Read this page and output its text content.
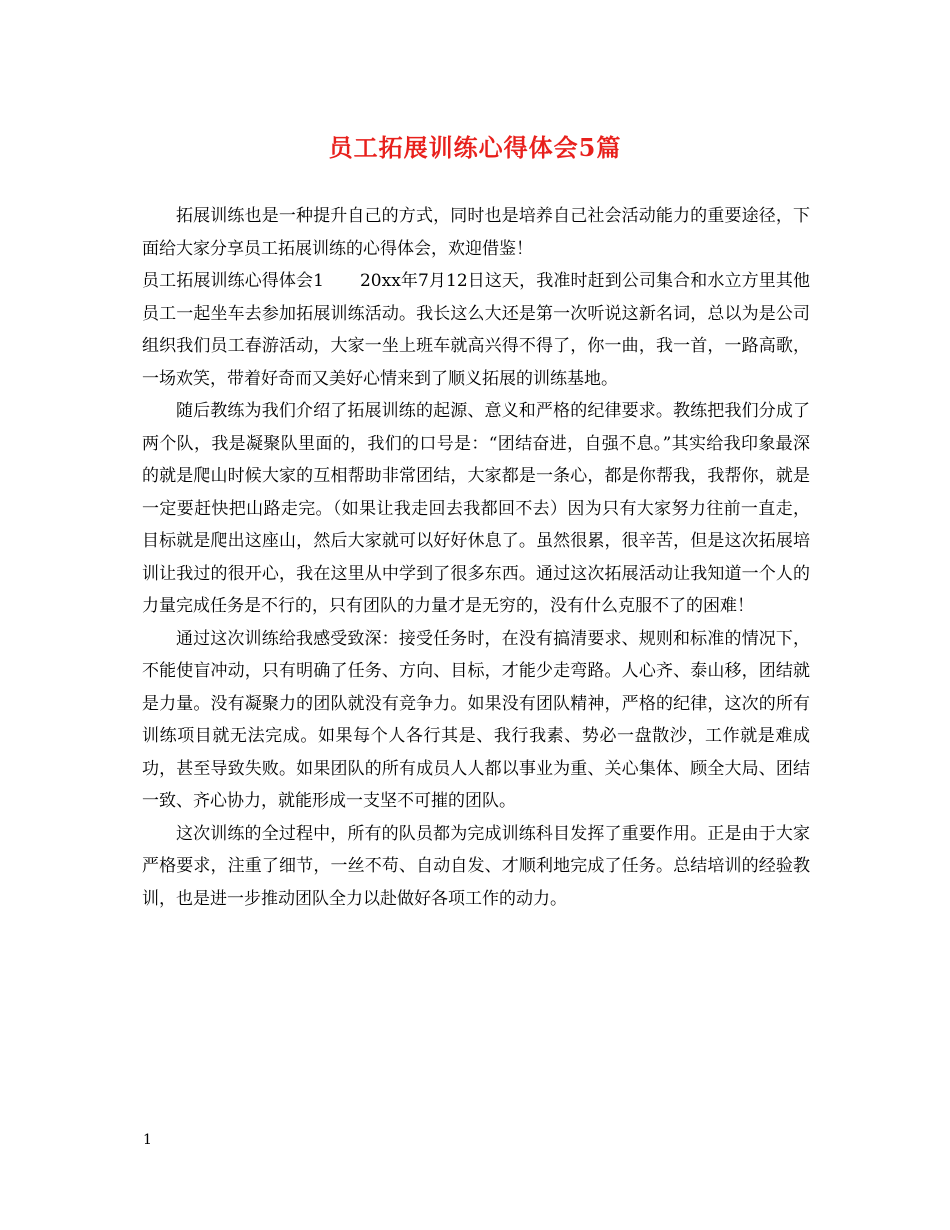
员工拓展训练心得体会5篇

拓展训练也是一种提升自己的方式，同时也是培养自己社会活动能力的重要途径，下面给大家分享员工拓展训练的心得体会，欢迎借鉴！

员工拓展训练心得体会1 20xx年7月12日这天，我准时赶到公司集合和水立方里其他员工一起坐车去参加拓展训练活动。我长这么大还是第一次听说这新名词，总以为是公司组织我们员工春游活动，大家一坐上班车就高兴得不得了，你一曲，我一首，一路高歌，一场欢笑，带着好奇而又美好心情来到了顺义拓展的训练基地。

随后教练为我们介绍了拓展训练的起源、意义和严格的纪律要求。教练把我们分成了两个队，我是凝聚队里面的，我们的口号是：“团结奋进，自强不息。”其实给我印象最深的就是爬山时候大家的互相帮助非常团结，大家都是一条心，都是你帮我，我帮你，就是一定要赶快把山路走完。（如果让我走回去我都回不去）因为只有大家努力往前一直走，目标就是爬出这座山，然后大家就可以好好休息了。虽然很累，很辛苦，但是这次拓展培训让我过的很开心，我在这里从中学到了很多东西。通过这次拓展活动让我知道一个人的力量完成任务是不行的，只有团队的力量才是无穷的，没有什么克服不了的困难！

通过这次训练给我感受致深：接受任务时，在没有搞清要求、规则和标准的情况下，不能使盲冲动，只有明确了任务、方向、目标，才能少走弯路。人心齐、泰山移，团结就是力量。没有凝聚力的团队就没有竞争力。如果没有团队精神，严格的纪律，这次的所有训练项目就无法完成。如果每个人各行其是、我行我素、势必一盘散沙，工作就是难成功，甚至导致失败。如果团队的所有成员人人都以事业为重、关心集体、顾全大局、团结一致、齐心协力，就能形成一支坚不可摧的团队。

这次训练的全过程中，所有的队员都为完成训练科目发挥了重要作用。正是由于大家严格要求，注重了细节，一丝不苟、自动自发、才顺利地完成了任务。总结培训的经验教训，也是进一步推动团队全力以赴做好各项工作的动力。

1
